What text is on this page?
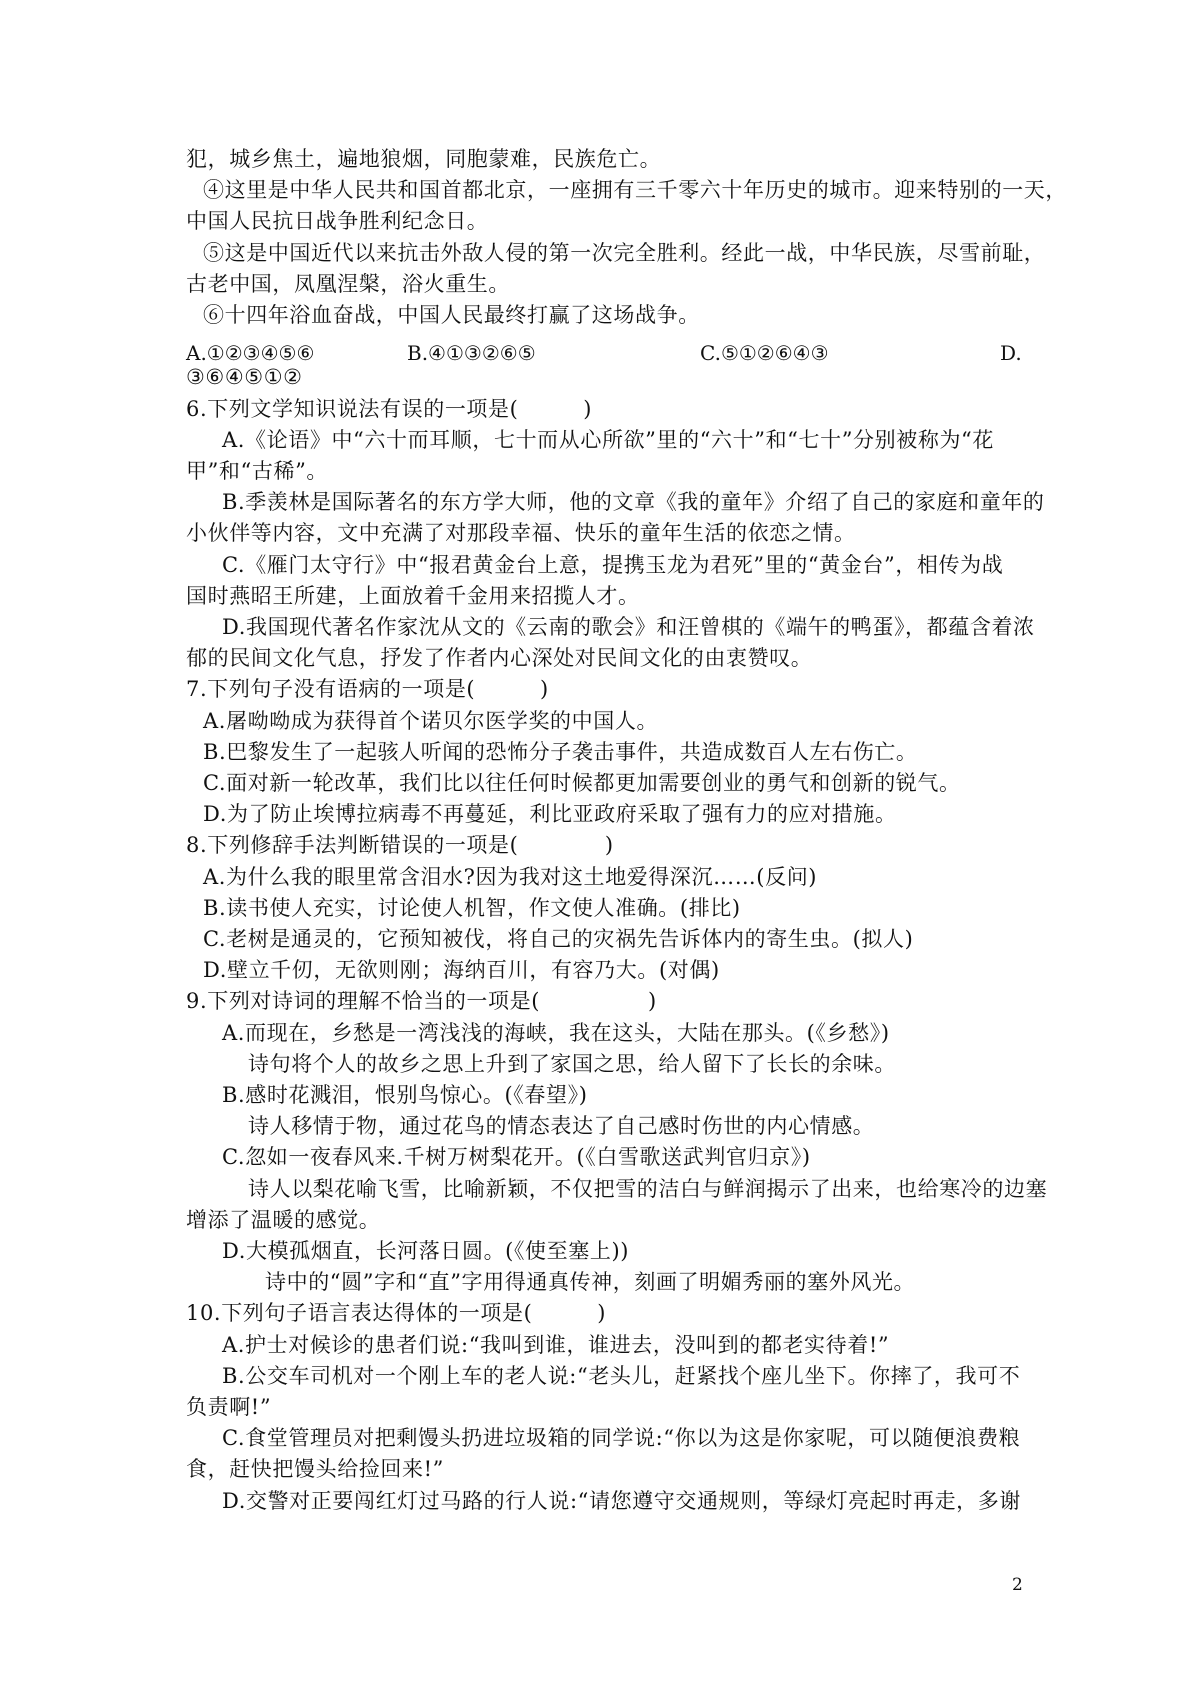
A.①②③④⑤⑥	B.④①③②⑥⑤	C.⑤①②⑥④③	D.
2
犯，城乡焦土，遍地狼烟，同胞蒙难，民族危亡。
④这里是中华人民共和国首都北京，一座拥有三千零六十年历史的城市。迎来特别的一天，
中国人民抗日战争胜利纪念日。
⑤这是中国近代以来抗击外敌人侵的第一次完全胜利。经此一战，中华民族，尽雪前耻，
古老中国，凤凰涅槃，浴火重生。
⑥十四年浴血奋战，中国人民最终打赢了这场战争。
③⑥④⑤①②
6.下列文学知识说法有误的一项是(　　　)
A.《论语》中“六十而耳顺，七十而从心所欲”里的“六十”和“七十”分别被称为“花
甲”和“古稀”。
B.季羡林是国际著名的东方学大师，他的文章《我的童年》介绍了自己的家庭和童年的
小伙伴等内容，文中充满了对那段幸福、快乐的童年生活的依恋之情。
C.《雁门太守行》中“报君黄金台上意，提携玉龙为君死”里的“黄金台”，相传为战
国时燕昭王所建，上面放着千金用来招揽人才。
D.我国现代著名作家沈从文的《云南的歌会》和汪曾棋的《端午的鸭蛋》，都蕴含着浓
郁的民间文化气息，抒发了作者内心深处对民间文化的由衷赞叹。
7.下列句子没有语病的一项是(　　　)
A.屠呦呦成为获得首个诺贝尔医学奖的中国人。
B.巴黎发生了一起骇人听闻的恐怖分子袭击事件，共造成数百人左右伤亡。
C.面对新一轮改革，我们比以往任何时候都更加需要创业的勇气和创新的锐气。
D.为了防止埃博拉病毒不再蔓延，利比亚政府采取了强有力的应对措施。
8.下列修辞手法判断错误的一项是(　　　　)
A.为什么我的眼里常含泪水?因为我对这土地爱得深沉……(反问)
B.读书使人充实，讨论使人机智，作文使人准确。(排比)
C.老树是通灵的，它预知被伐，将自己的灾祸先告诉体内的寄生虫。(拟人)
D.壁立千仞，无欲则刚；海纳百川，有容乃大。(对偶)
9.下列对诗词的理解不恰当的一项是(　　　　　)
A.而现在，乡愁是一湾浅浅的海峡，我在这头，大陆在那头。(《乡愁》)
诗句将个人的故乡之思上升到了家国之思，给人留下了长长的余味。
B.感时花溅泪，恨别鸟惊心。(《春望》)
诗人移情于物，通过花鸟的情态表达了自己感时伤世的内心情感。
C.忽如一夜春风来.千树万树梨花开。(《白雪歌送武判官归京》)
诗人以梨花喻飞雪，比喻新颖，不仅把雪的洁白与鲜润揭示了出来，也给寒冷的边塞
增添了温暖的感觉。
D.大模孤烟直，长河落日圆。(《使至塞上))
诗中的“圆”字和“直”字用得通真传神，刻画了明媚秀丽的塞外风光。
10.下列句子语言表达得体的一项是(　　　)
A.护士对候诊的患者们说:“我叫到谁，谁进去，没叫到的都老实待着!”
B.公交车司机对一个刚上车的老人说:“老头儿，赶紧找个座儿坐下。你摔了，我可不
负责啊!”
C.食堂管理员对把剩馒头扔进垃圾箱的同学说:“你以为这是你家呢，可以随便浪费粮
食，赶快把馒头给捡回来!”
D.交警对正要闯红灯过马路的行人说:“请您遵守交通规则，等绿灯亮起时再走，多谢
